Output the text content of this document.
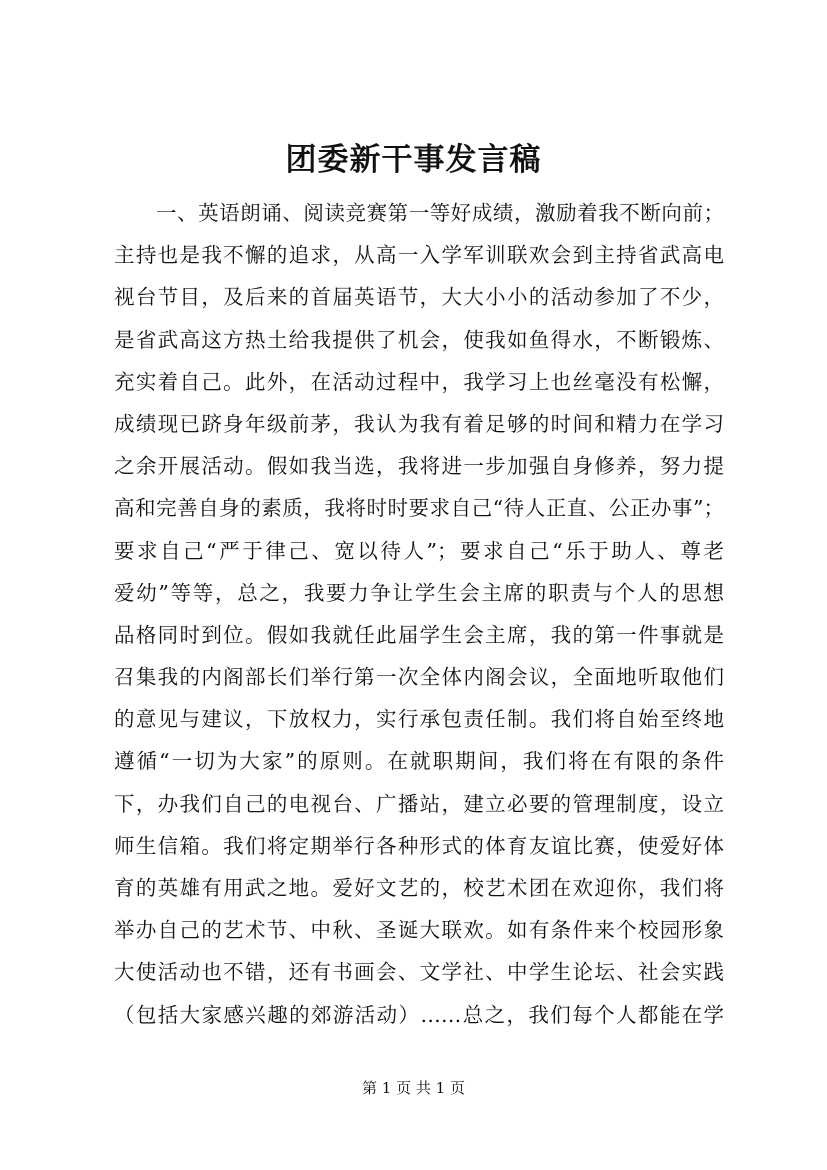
团委新干事发言稿
一、英语朗诵、阅读竞赛第一等好成绩，激励着我不断向前；
主持也是我不懈的追求，从高一入学军训联欢会到主持省武高电
视台节目，及后来的首届英语节，大大小小的活动参加了不少，
是省武高这方热土给我提供了机会，使我如鱼得水，不断锻炼、
充实着自己。此外，在活动过程中，我学习上也丝毫没有松懈，
成绩现已跻身年级前茅，我认为我有着足够的时间和精力在学习
之余开展活动。假如我当选，我将进一步加强自身修养，努力提
高和完善自身的素质，我将时时要求自己“待人正直、公正办事”；
要求自己“严于律己、宽以待人”；要求自己“乐于助人、尊老
爱幼”等等，总之，我要力争让学生会主席的职责与个人的思想
品格同时到位。假如我就任此届学生会主席，我的第一件事就是
召集我的内阁部长们举行第一次全体内阁会议，全面地听取他们
的意见与建议，下放权力，实行承包责任制。我们将自始至终地
遵循“一切为大家”的原则。在就职期间，我们将在有限的条件
下，办我们自己的电视台、广播站，建立必要的管理制度，设立
师生信箱。我们将定期举行各种形式的体育友谊比赛，使爱好体
育的英雄有用武之地。爱好文艺的，校艺术团在欢迎你，我们将
举办自己的艺术节、中秋、圣诞大联欢。如有条件来个校园形象
大使活动也不错，还有书画会、文学社、中学生论坛、社会实践
（包括大家感兴趣的郊游活动）……总之，我们每个人都能在学
第 1 页 共 1 页
